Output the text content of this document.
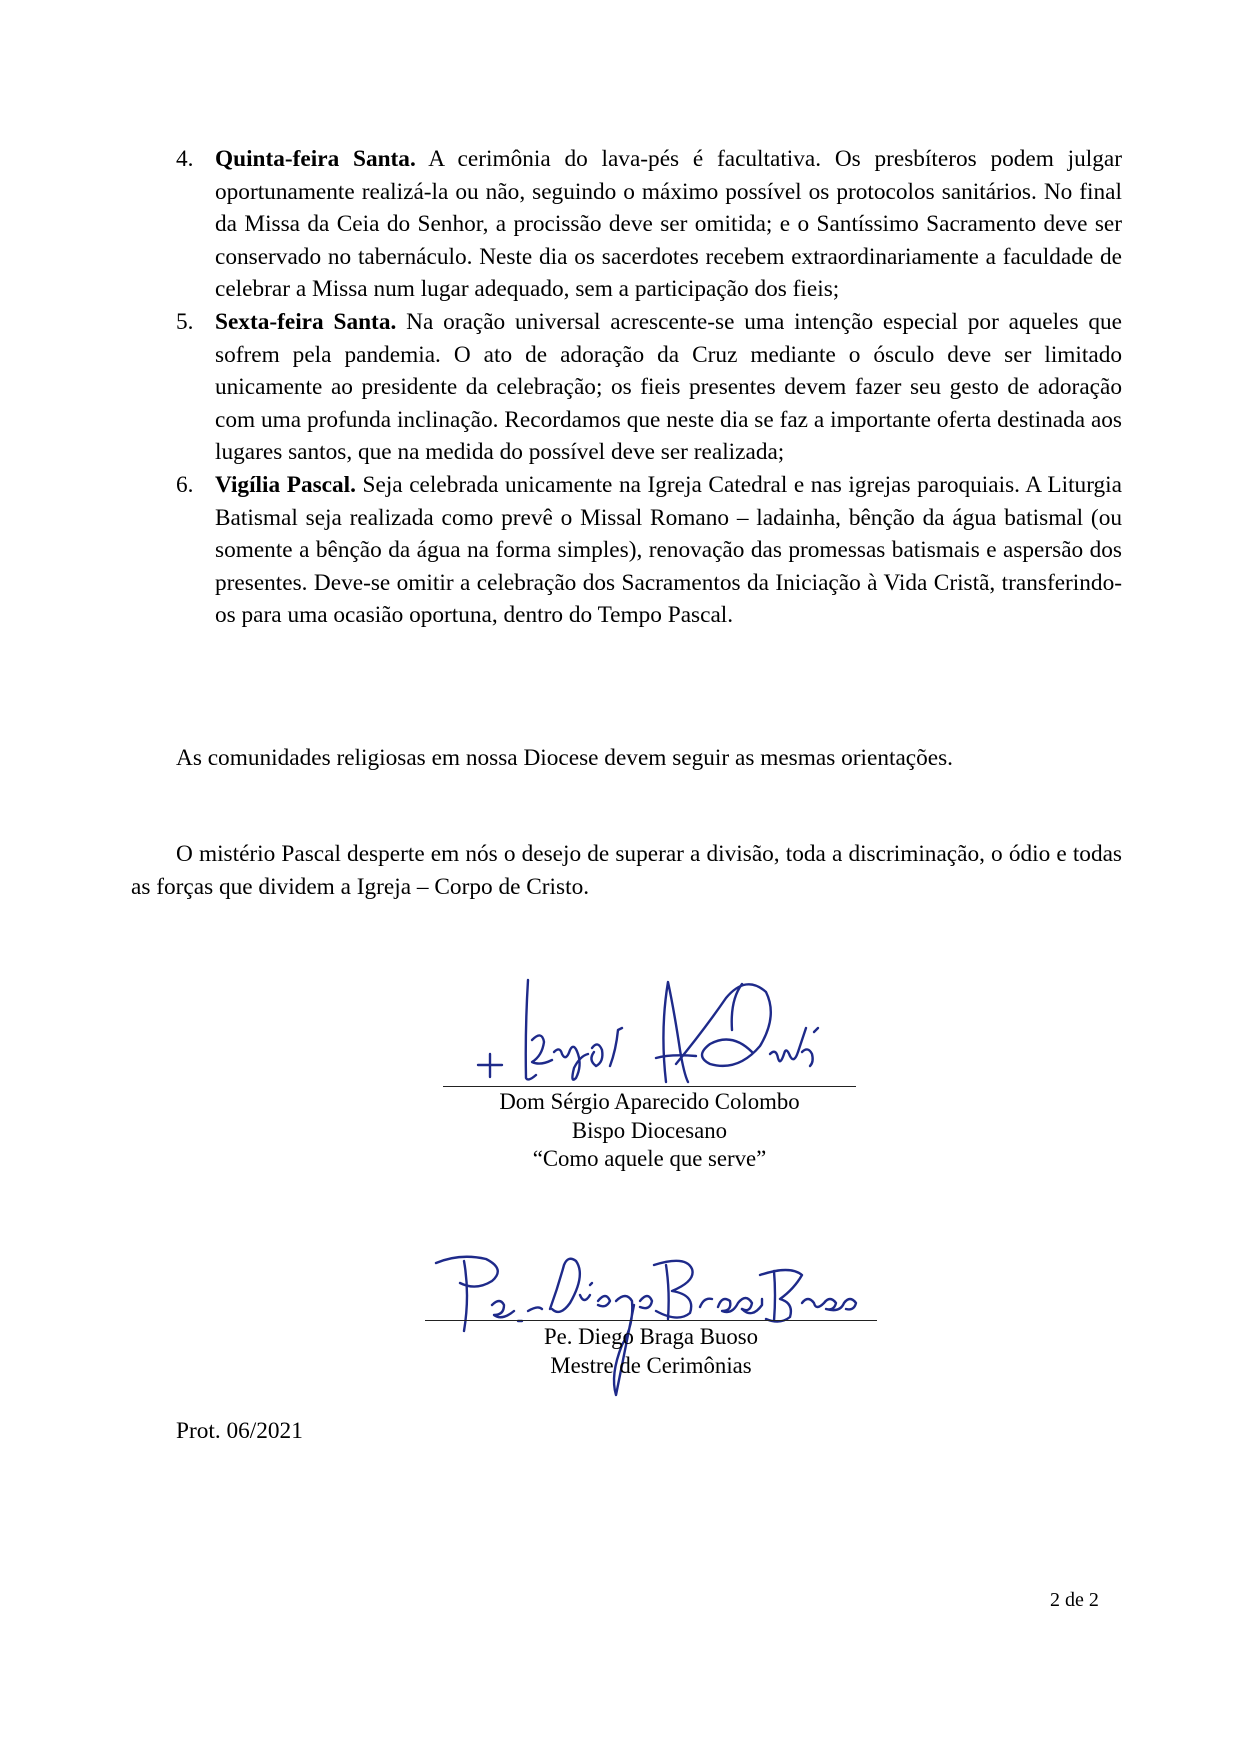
4. Quinta-feira Santa. A cerimônia do lava-pés é facultativa. Os presbíteros podem julgar oportunamente realizá-la ou não, seguindo o máximo possível os protocolos sanitários. No final da Missa da Ceia do Senhor, a procissão deve ser omitida; e o Santíssimo Sacramento deve ser conservado no tabernáculo. Neste dia os sacerdotes recebem extraordinariamente a faculdade de celebrar a Missa num lugar adequado, sem a participação dos fieis;
5. Sexta-feira Santa. Na oração universal acrescente-se uma intenção especial por aqueles que sofrem pela pandemia. O ato de adoração da Cruz mediante o ósculo deve ser limitado unicamente ao presidente da celebração; os fieis presentes devem fazer seu gesto de adoração com uma profunda inclinação. Recordamos que neste dia se faz a importante oferta destinada aos lugares santos, que na medida do possível deve ser realizada;
6. Vigília Pascal. Seja celebrada unicamente na Igreja Catedral e nas igrejas paroquiais. A Liturgia Batismal seja realizada como prevê o Missal Romano – ladainha, bênção da água batismal (ou somente a bênção da água na forma simples), renovação das promessas batismais e aspersão dos presentes. Deve-se omitir a celebração dos Sacramentos da Iniciação à Vida Cristã, transferindo-os para uma ocasião oportuna, dentro do Tempo Pascal.

As comunidades religiosas em nossa Diocese devem seguir as mesmas orientações.

O mistério Pascal desperte em nós o desejo de superar a divisão, toda a discriminação, o ódio e todas as forças que dividem a Igreja – Corpo de Cristo.

Dom Sérgio Aparecido Colombo
Bispo Diocesano
“Como aquele que serve”
Pe. Diego Braga Buoso
Mestre de Cerimônias
Prot. 06/2021
2 de 2
